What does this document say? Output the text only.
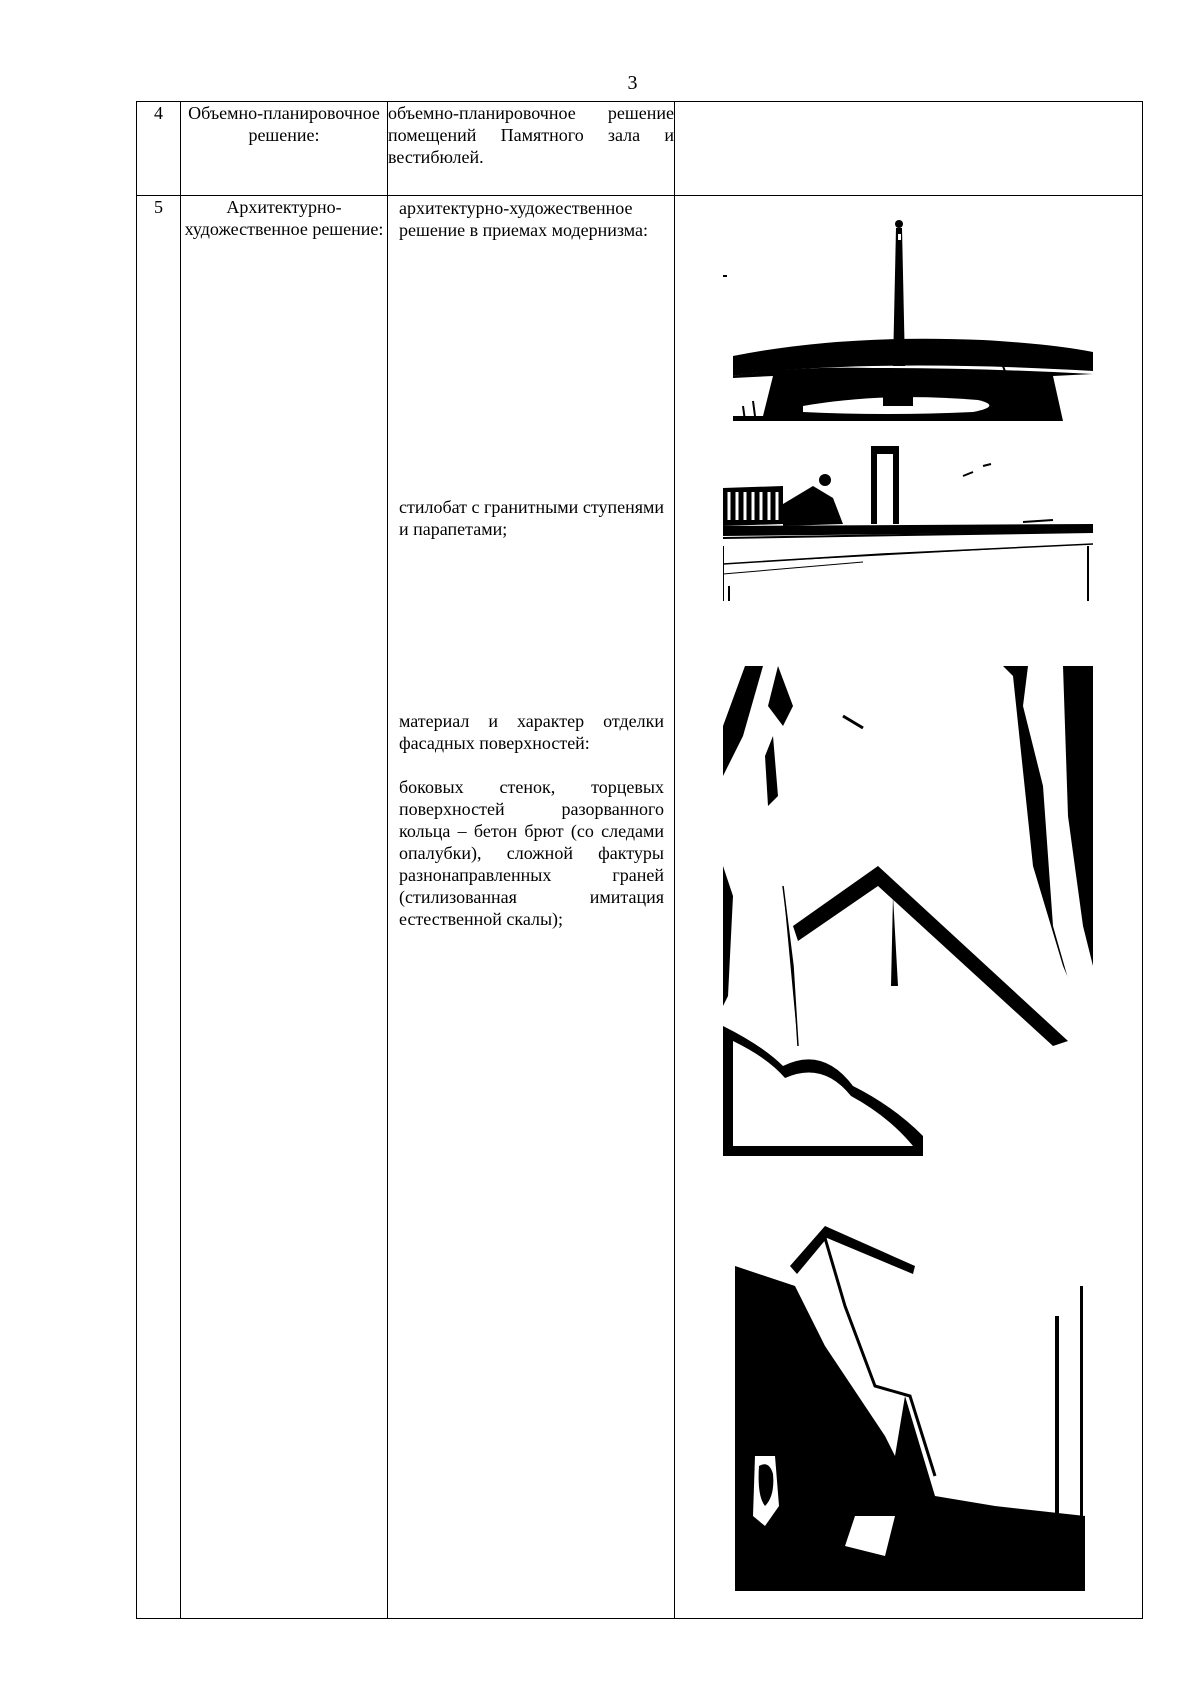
3
4	Объемно-планировочное решение:	объемно-планировочное решение помещений Памятного зала и вестибюлей.	

5	Архитектурно-художественное решение:	архитектурно-художественное решение в приемах модернизма:

стилобат с гранитными ступенями и парапетами;

материал и характер отделки фасадных поверхностей:

боковых стенок, торцевых поверхностей разорванного кольца – бетон брют (со следами опалубки), сложной фактуры разнонаправленных граней (стилизованная имитация естественной скалы);
